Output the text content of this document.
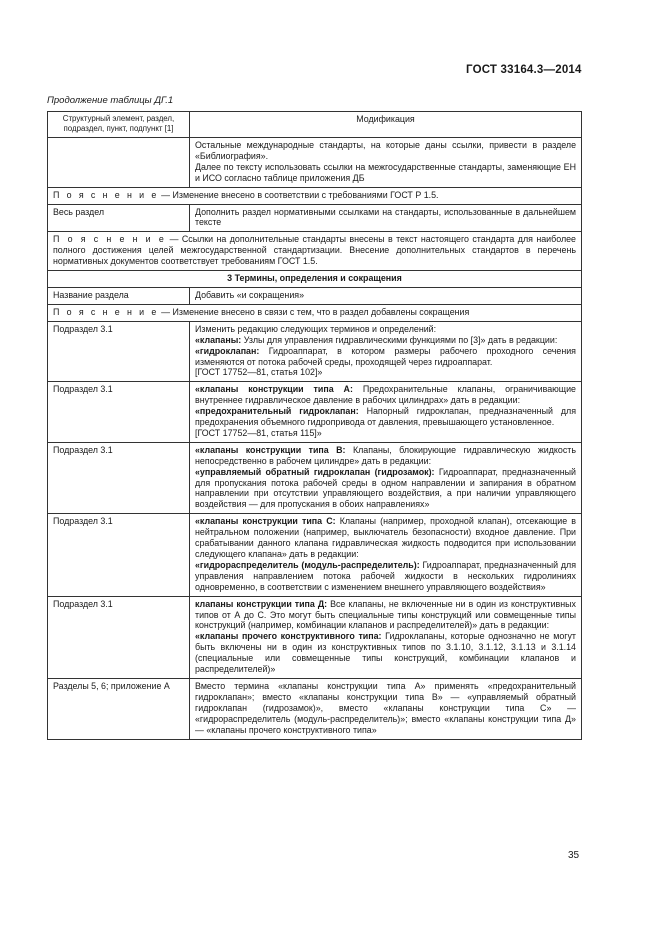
ГОСТ 33164.3—2014
Продолжение таблицы ДГ.1
Структурный элемент, раздел, подраздел, пункт, подпункт [1]	Модификация

	Остальные международные стандарты, на которые даны ссылки, привести в разделе «Библиография».
Далее по тексту использовать ссылки на межгосударственные стандарты, заменяющие ЕН и ИСО согласно таблице приложения ДБ

П о я с н е н и е — Изменение внесено в соответствии с требованиями ГОСТ Р 1.5.	
Весь раздел	Дополнить раздел нормативными ссылками на стандарты, использованные в дальнейшем тексте
П о я с н е н и е — Ссылки на дополнительные стандарты внесены в текст настоящего стандарта для наиболее полного достижения целей межгосударственной стандартизации. Внесение дополнительных стандартов в перечень нормативных документов соответствует требованиям ГОСТ 1.5.	
3 Термины, определения и сокращения	
Название раздела	Добавить «и сокращения»
П о я с н е н и е — Изменение внесено в связи с тем, что в раздел добавлены сокращения	
Подраздел 3.1	Изменить редакцию следующих терминов и определений:
«клапаны: Узлы для управления гидравлическими функциями по [3]» дать в редакции:
«гидроклапан: Гидроаппарат, в котором размеры рабочего проходного сечения изменяются от потока рабочей среды, проходящей через гидроаппарат.
[ГОСТ 17752—81, статья 102]»

Подраздел 3.1	«клапаны конструкции типа А: Предохранительные клапаны, ограничивающие внутреннее гидравлическое давление в рабочих цилиндрах» дать в редакции:
«предохранительный гидроклапан: Напорный гидроклапан, предназначенный для предохранения объемного гидропривода от давления, превышающего установленное.
[ГОСТ 17752—81, статья 115]»

Подраздел 3.1	«клапаны конструкции типа В: Клапаны, блокирующие гидравлическую жидкость непосредственно в рабочем цилиндре» дать в редакции:
«управляемый обратный гидроклапан (гидрозамок): Гидроаппарат, предназначенный для пропускания потока рабочей среды в одном направлении и запирания в обратном направлении при отсутствии управляющего воздействия, а при наличии управляющего воздействия — для пропускания в обоих направлениях»

Подраздел 3.1	«клапаны конструкции типа С: Клапаны (например, проходной клапан), отсекающие в нейтральном положении (например, выключатель безопасности) входное давление. При срабатывании данного клапана гидравлическая жидкость подводится при использовании следующего клапана» дать в редакции:
«гидрораспределитель (модуль-распределитель): Гидроаппарат, предназначенный для управления направлением потока рабочей жидкости в нескольких гидролиниях одновременно, в соответствии с изменением внешнего управляющего воздействия»

Подраздел 3.1	клапаны конструкции типа Д: Все клапаны, не включенные ни в один из конструктивных типов от А до С. Это могут быть специальные типы конструкций или совмещенные типы конструкций (например, комбинации клапанов и распределителей)» дать в редакции:
«клапаны прочего конструктивного типа: Гидроклапаны, которые однозначно не могут быть включены ни в один из конструктивных типов по 3.1.10, 3.1.12, 3.1.13 и 3.1.14 (специальные или совмещенные типы конструкций, комбинации клапанов и распределителей)»

Разделы 5, 6; приложение А	Вместо термина «клапаны конструкции типа А» применять «предохранительный гидроклапан»; вместо «клапаны конструкции типа В» — «управляемый обратный гидроклапан (гидрозамок)», вместо «клапаны конструкции типа С» — «гидрораспределитель (модуль-распределитель)»; вместо «клапаны конструкции типа Д» — «клапаны прочего конструктивного типа»
35
